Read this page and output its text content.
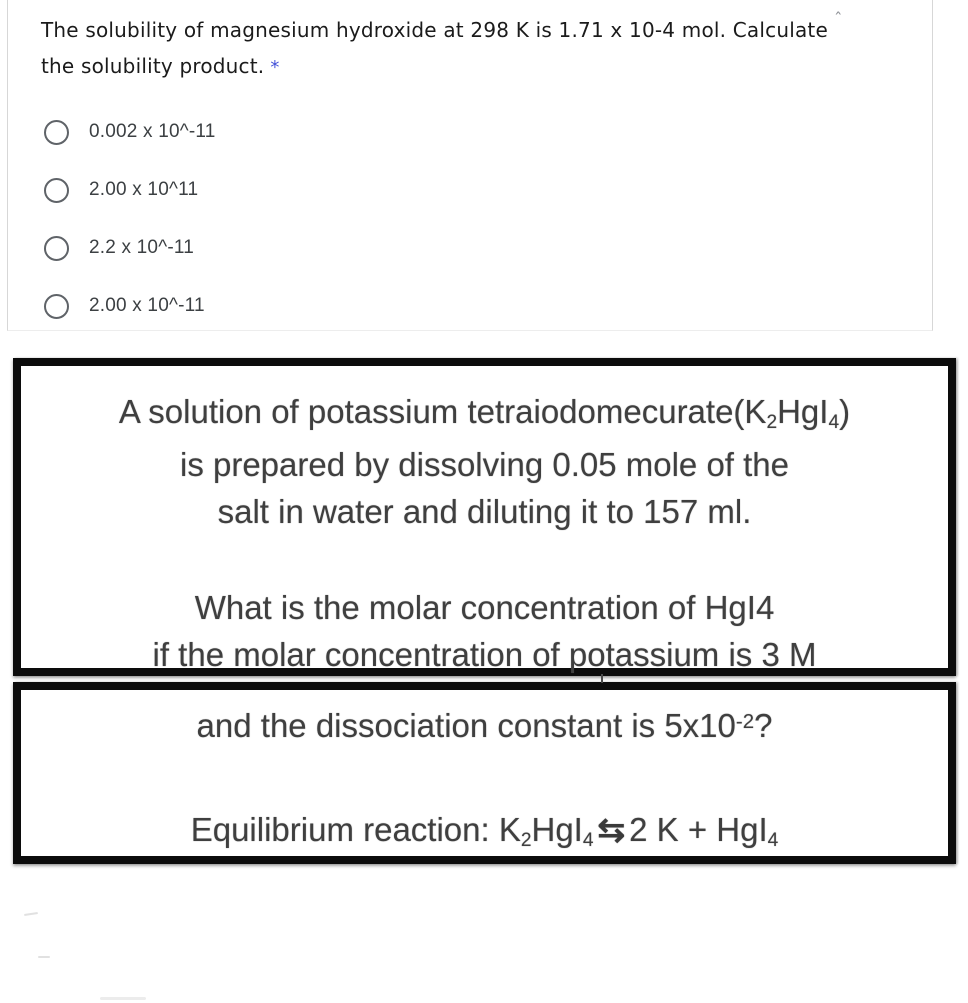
The solubility of magnesium hydroxide at 298 K is 1.71 x 10-4 mol. Calculate the solubility product. *
ˆ
0.002 x 10^-11
2.00 x 10^11
2.2 x 10^-11
2.00 x 10^-11
A solution of potassium $tetraiodomecurate(K_2HgI_4)$
is prepared by dissolving 0.05 mole of the
salt in water and diluting it to 157 ml.
What is the molar concentration of HgI4
if the molar concentration of potassium is 3 M
and the dissociation constant is $5x10^{-2}$?
Equilibrium reaction: $K_2HgI_4$ ⇆ 2 K + HgI$_4$
